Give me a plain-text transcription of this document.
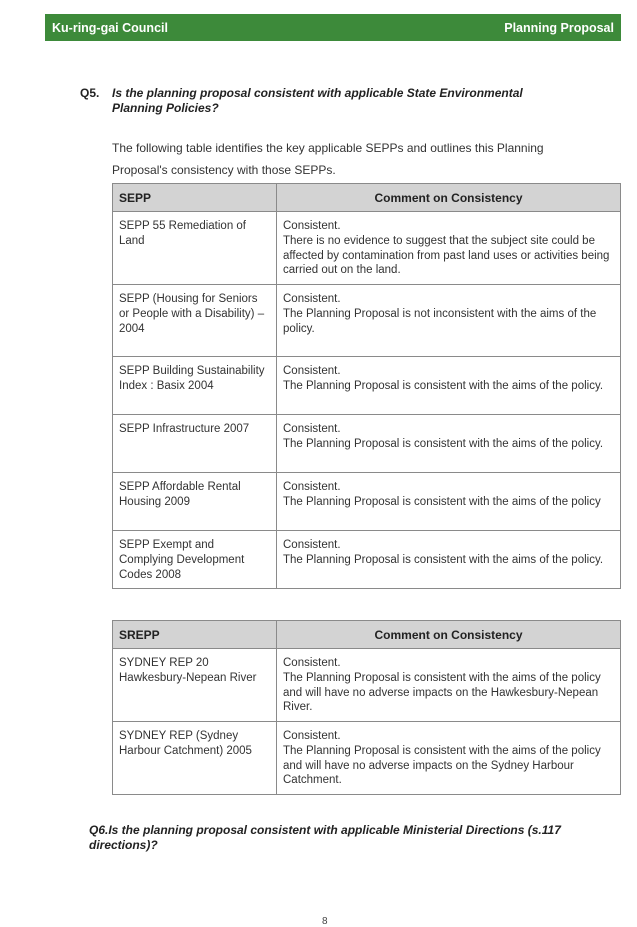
Ku-ring-gai Council	Planning Proposal
Q5. Is the planning proposal consistent with applicable State Environmental Planning Policies?
The following table identifies the key applicable SEPPs and outlines this Planning Proposal's consistency with those SEPPs.
SEPP	Comment on Consistency
SEPP 55 Remediation of Land	Consistent.
There is no evidence to suggest that the subject site could be affected by contamination from past land uses or activities being carried out on the land.

SEPP (Housing for Seniors or People with a Disability) – 2004	Consistent.
The Planning Proposal is not inconsistent with the aims of the policy.

SEPP Building Sustainability Index : Basix 2004	Consistent.
The Planning Proposal is consistent with the aims of the policy.

SEPP Infrastructure 2007	Consistent.
The Planning Proposal is consistent with the aims of the policy.

SEPP Affordable Rental Housing 2009	Consistent.
The Planning Proposal is consistent with the aims of the policy

SEPP Exempt and Complying Development Codes 2008	Consistent.
The Planning Proposal is consistent with the aims of the policy.
SREPP	Comment on Consistency
SYDNEY REP 20 Hawkesbury-Nepean River	Consistent.
The Planning Proposal is consistent with the aims of the policy and will have no adverse impacts on the Hawkesbury-Nepean River.

SYDNEY REP (Sydney Harbour Catchment) 2005	Consistent.
The Planning Proposal is consistent with the aims of the policy and will have no adverse impacts on the Sydney Harbour Catchment.
Q6.Is the planning proposal consistent with applicable Ministerial Directions (s.117 directions)?
8
